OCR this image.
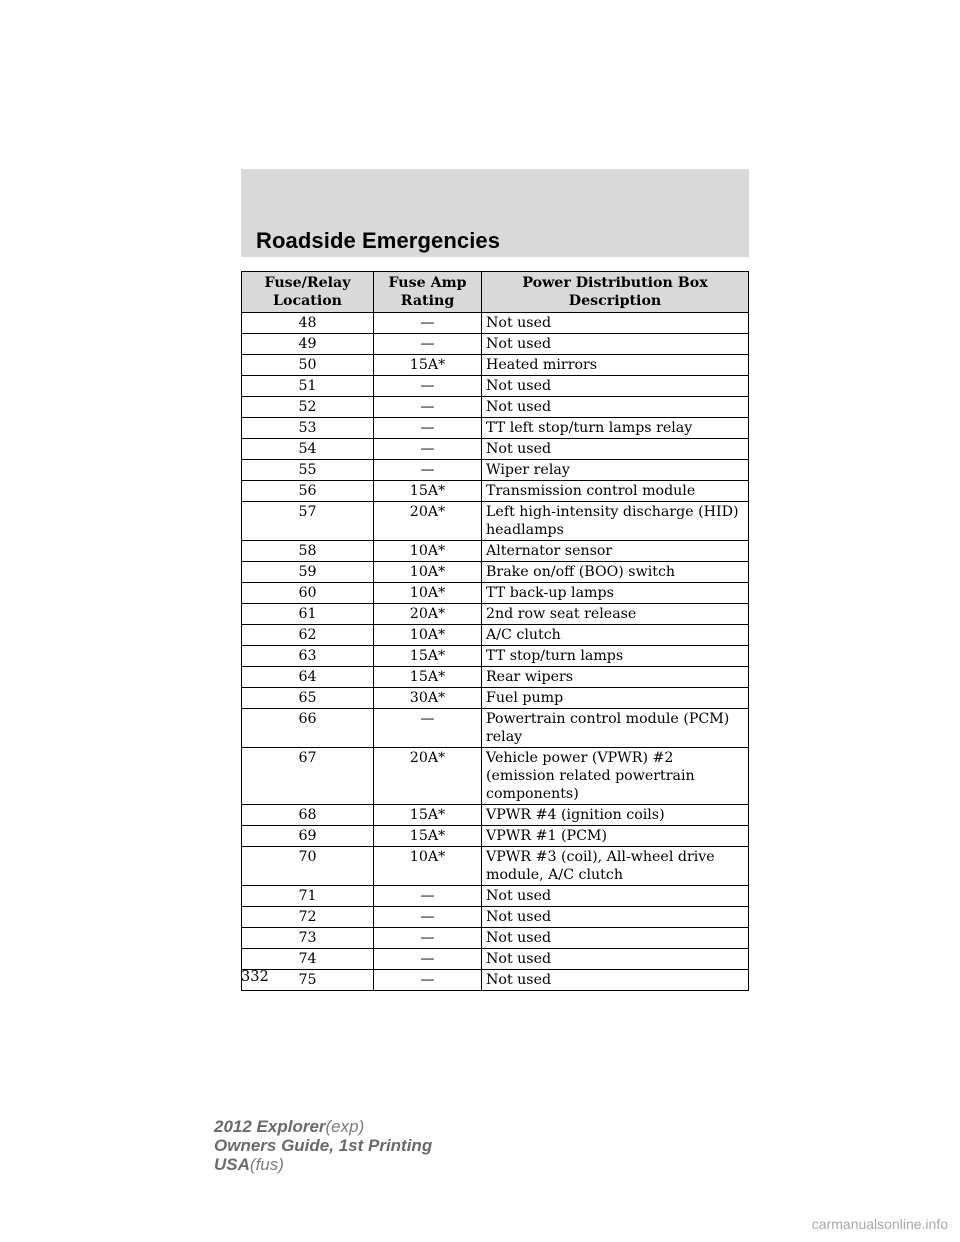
Roadside Emergencies
Fuse/Relay Location	Fuse Amp Rating	Power Distribution Box Description
48	—	Not used
49	—	Not used
50	15A*	Heated mirrors
51	—	Not used
52	—	Not used
53	—	TT left stop/turn lamps relay
54	—	Not used
55	—	Wiper relay
56	15A*	Transmission control module
57	20A*	Left high-intensity discharge (HID) headlamps
58	10A*	Alternator sensor
59	10A*	Brake on/off (BOO) switch
60	10A*	TT back-up lamps
61	20A*	2nd row seat release
62	10A*	A/C clutch
63	15A*	TT stop/turn lamps
64	15A*	Rear wipers
65	30A*	Fuel pump
66	—	Powertrain control module (PCM) relay
67	20A*	Vehicle power (VPWR) #2 (emission related powertrain components)
68	15A*	VPWR #4 (ignition coils)
69	15A*	VPWR #1 (PCM)
70	10A*	VPWR #3 (coil), All-wheel drive module, A/C clutch
71	—	Not used
72	—	Not used
73	—	Not used
74	—	Not used
75	—	Not used
332
2012 Explorer(exp)
Owners Guide, 1st Printing
USA(fus)
carmanualsonline.info
